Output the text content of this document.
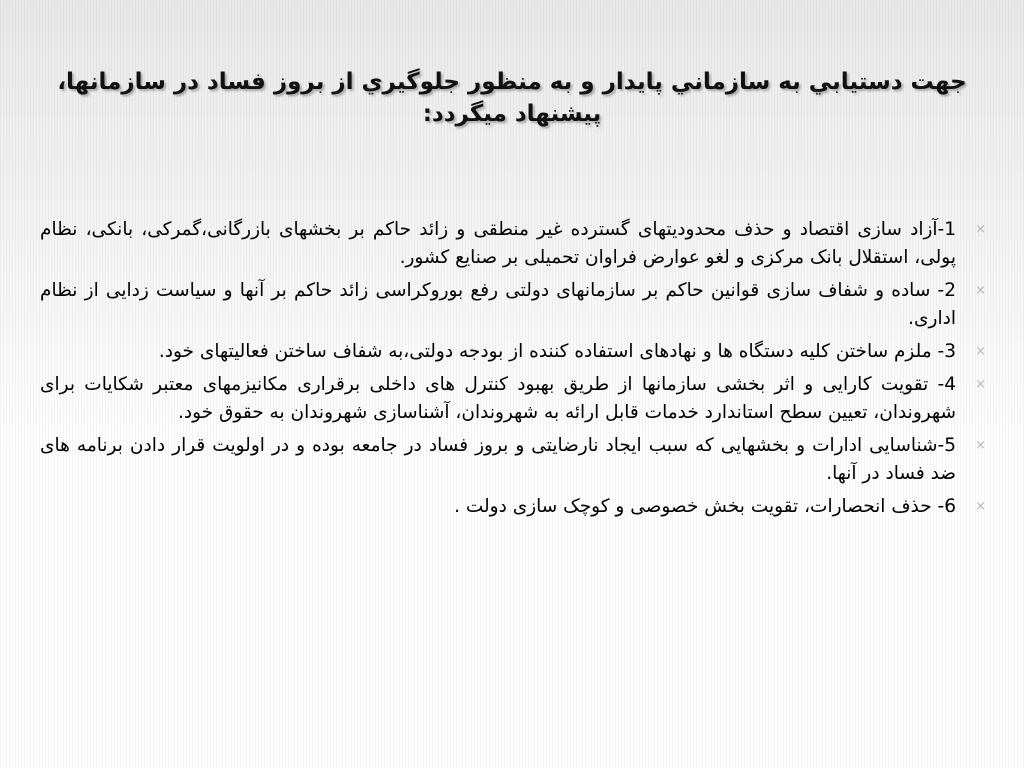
جهت دستيابي به سازماني پايدار و به منظور جلوگيري از بروز فساد در سازمانها، پیشنهاد میگردد:
×
1-آزاد سازی اقتصاد و حذف محدودیتهای گسترده غیر منطقی و زائد حاکم بر بخشهای بازرگانی،گمرکی، بانکی، نظام پولی، استقلال بانک مرکزی و لغو عوارض فراوان تحمیلی بر صنایع کشور.
×
2- ساده و شفاف سازی قوانین حاکم بر سازمانهای دولتی رفع بوروکراسی زائد حاکم بر آنها و سیاست زدایی از نظام اداری.
×
3- ملزم ساختن کلیه دستگاه ها و نهادهای استفاده کننده از بودجه دولتی،به شفاف ساختن فعالیتهای خود.
×
4- تقویت کارایی و اثر بخشی سازمانها از طریق بهبود کنترل های داخلی برقراری مکانیزمهای معتبر شکایات برای شهروندان، تعیین سطح استاندارد خدمات قابل ارائه به شهروندان، آشناسازی شهروندان به حقوق خود.
×
5-شناسایی ادارات و بخشهایی که سبب ایجاد نارضایتی و بروز فساد در جامعه بوده و در اولویت قرار دادن برنامه های ضد فساد در آنها.
×
6- حذف انحصارات، تقویت بخش خصوصی و کوچک سازی دولت .
